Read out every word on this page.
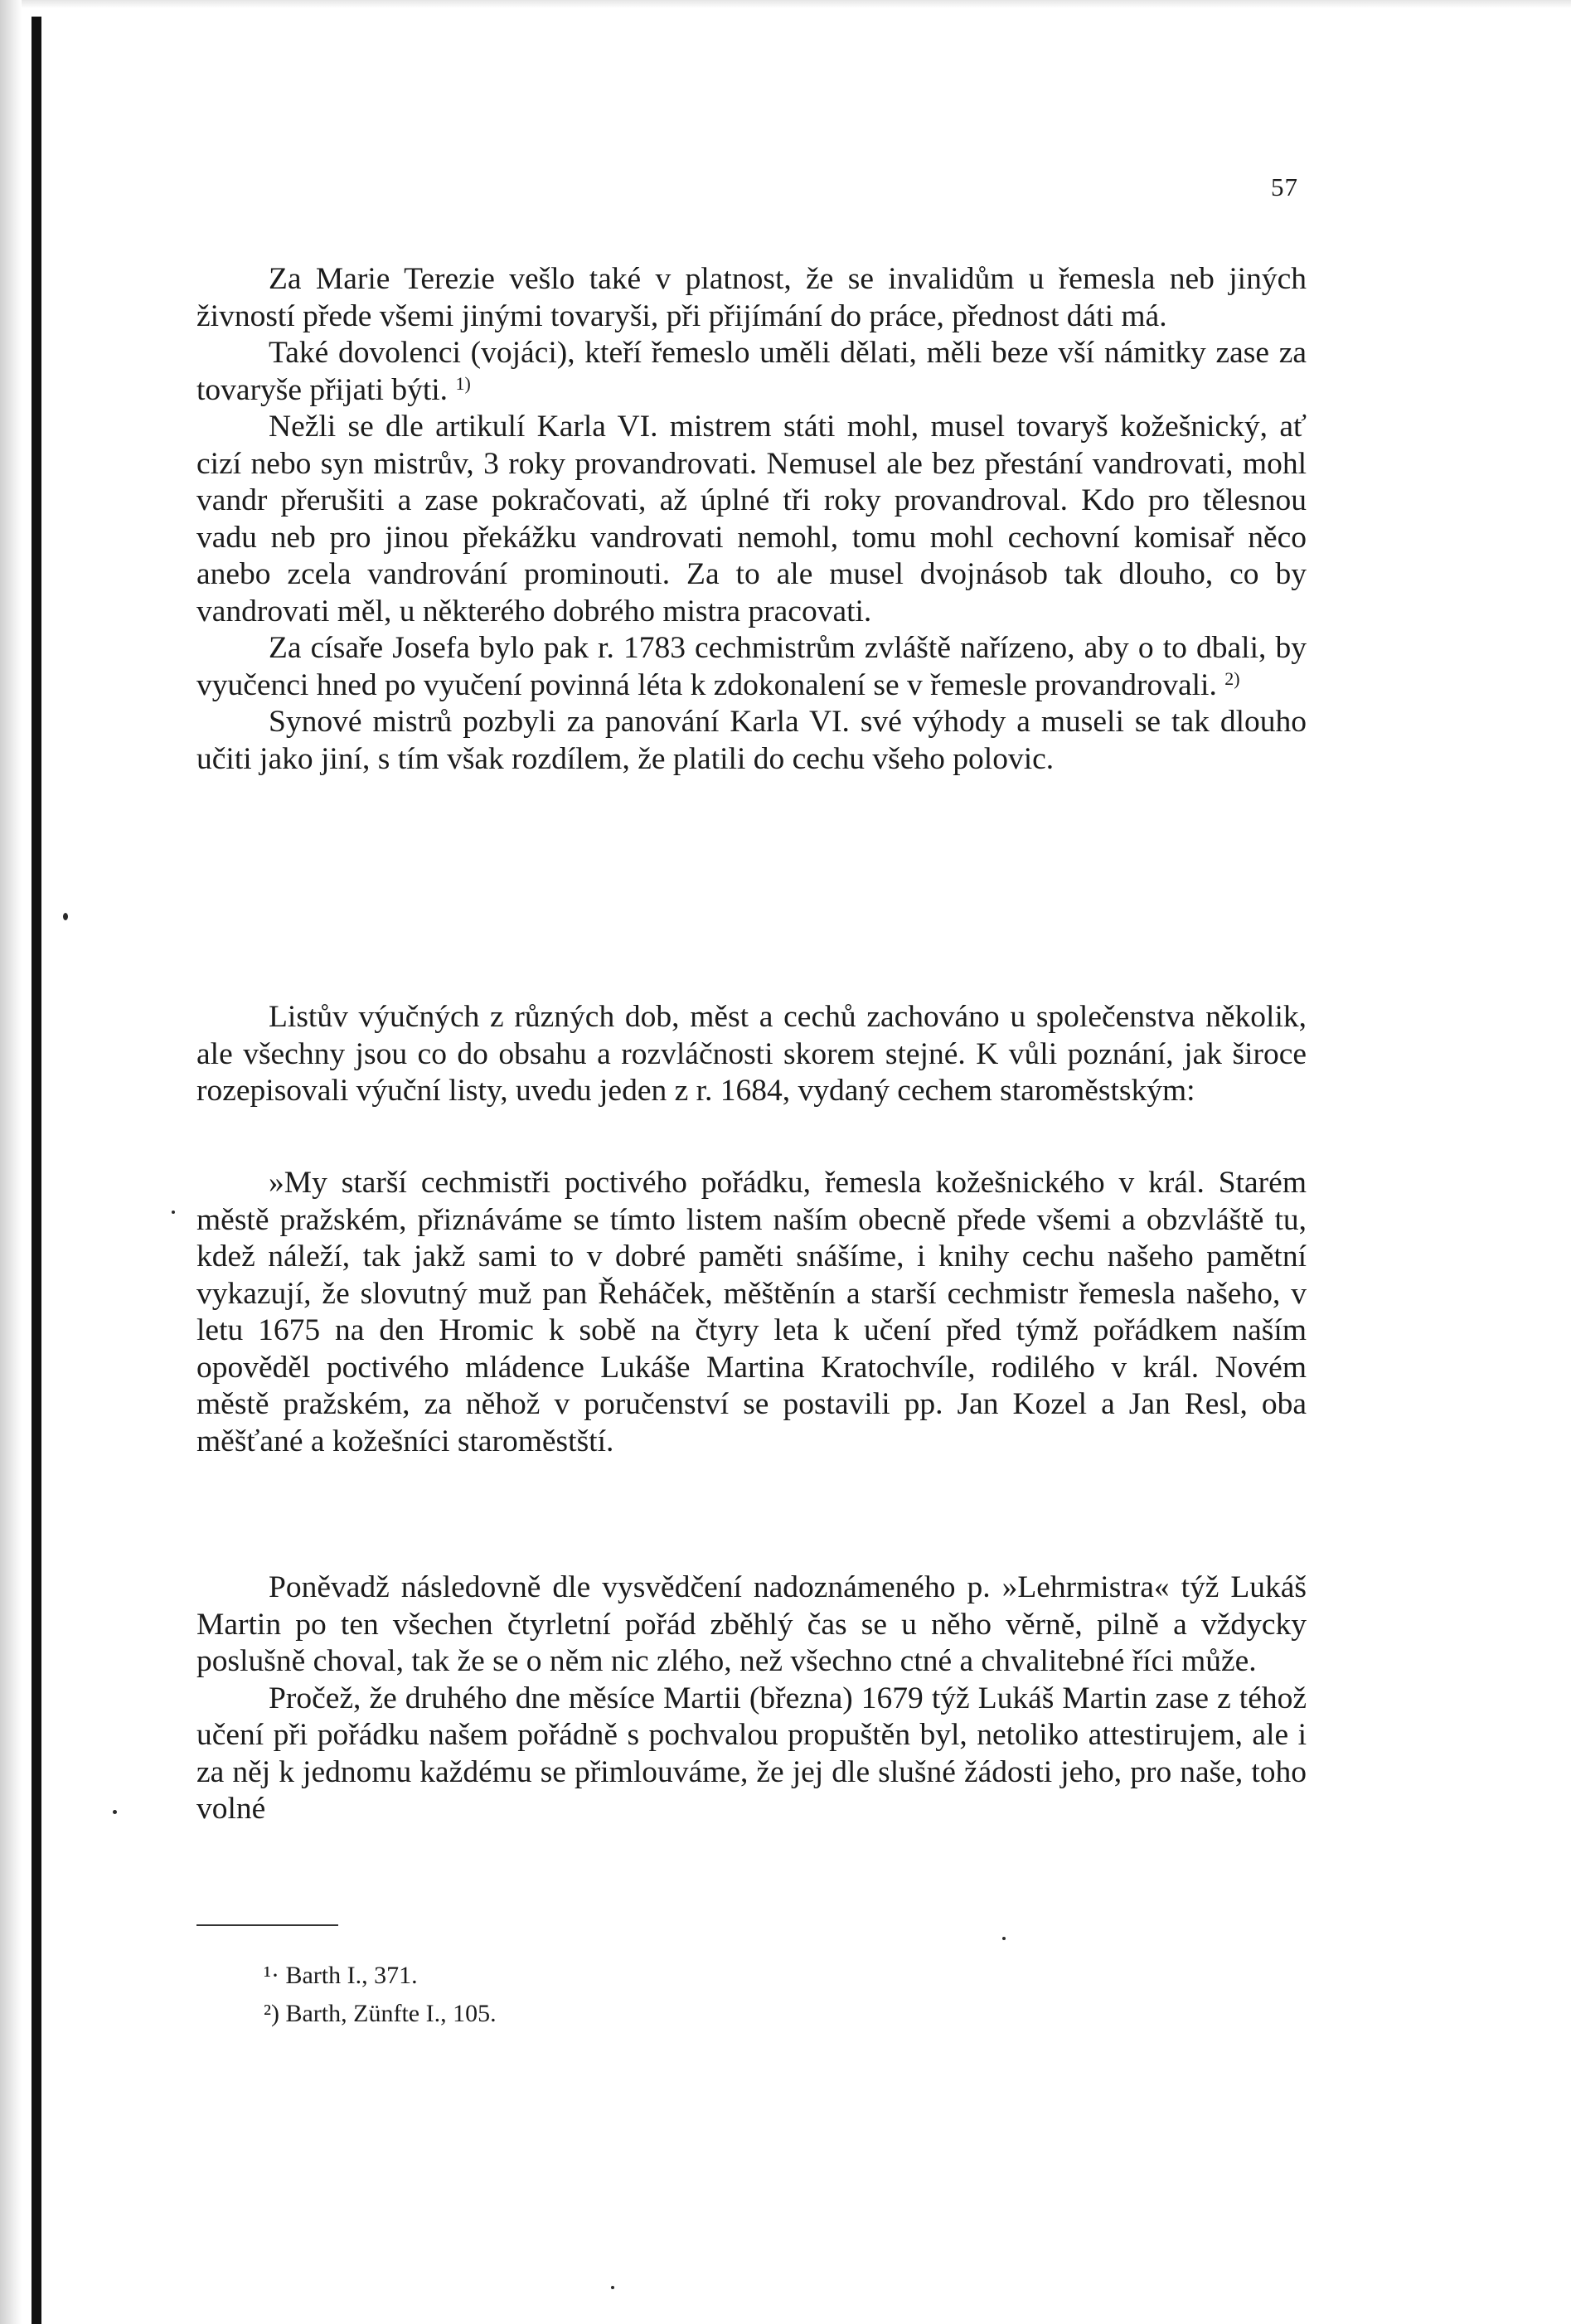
57

Za Marie Terezie vešlo také v platnost, že se invalidům u řemesla neb jiných živností přede všemi jinými tovaryši, při přijímání do práce, přednost dáti má.

Také dovolenci (vojáci), kteří řemeslo uměli dělati, měli beze vší námitky zase za tovaryše přijati býti. $^{1)}$

Nežli se dle artikulí Karla VI. mistrem státi mohl, musel tovaryš kožešnický, ať cizí nebo syn mistrův, 3 roky provandrovati. Nemusel ale bez přestání vandrovati, mohl vandr přerušiti a zase pokračovati, až úplné tři roky provandroval. Kdo pro tělesnou vadu neb pro jinou překážku vandrovati nemohl, tomu mohl cechovní komisař něco anebo zcela vandrování prominouti. Za to ale musel dvojnásob tak dlouho, co by vandrovati měl, u některého dobrého mistra pracovati.

Za císaře Josefa bylo pak r. 1783 cechmistrům zvláště nařízeno, aby o to dbali, by vyučenci hned po vyučení povinná léta k zdokonalení se v řemesle provandrovali. $^{2)}$

Synové mistrů pozbyli za panování Karla VI. své výhody a museli se tak dlouho učiti jako jiní, s tím však rozdílem, že platili do cechu všeho polovic.

Listův výučných z různých dob, měst a cechů zachováno u společenstva několik, ale všechny jsou co do obsahu a rozvláčnosti skorem stejné. K vůli poznání, jak široce rozepisovali výuční listy, uvedu jeden z r. 1684, vydaný cechem staroměstským:

»My starší cechmistři poctivého pořádku, řemesla kožešnického v král. Starém městě pražském, přiznáváme se tímto listem naším obecně přede všemi a obzvláště tu, kdež náleží, tak jakž sami to v dobré paměti snášíme, i knihy cechu našeho pamětní vykazují, že slovutný muž pan Řeháček, měštěnín a starší cechmistr řemesla našeho, v letu 1675 na den Hromic k sobě na čtyry leta k učení před týmž pořádkem naším opověděl poctivého mládence Lukáše Martina Kratochvíle, rodilého v král. Novém městě pražském, za něhož v poručenství se postavili pp. Jan Kozel a Jan Resl, oba měšťané a kožešníci staroměstští.

Poněvadž následovně dle vysvědčení nadoznámeného p. »Lehrmistra« týž Lukáš Martin po ten všechen čtyrletní pořád zběhlý čas se u něho věrně, pilně a vždycky poslušně choval, tak že se o něm nic zlého, než všechno ctné a chvalitebné říci může.

Pročež, že druhého dne měsíce Martii (března) 1679 týž Lukáš Martin zase z téhož učení při pořádku našem pořádně s pochvalou propuštěn byl, netoliko attestirujem, ale i za něj k jednomu každému se přimlouváme, že jej dle slušné žádosti jeho, pro naše, toho volné

¹· Barth I., 371.
²) Barth, Zünfte I., 105.
